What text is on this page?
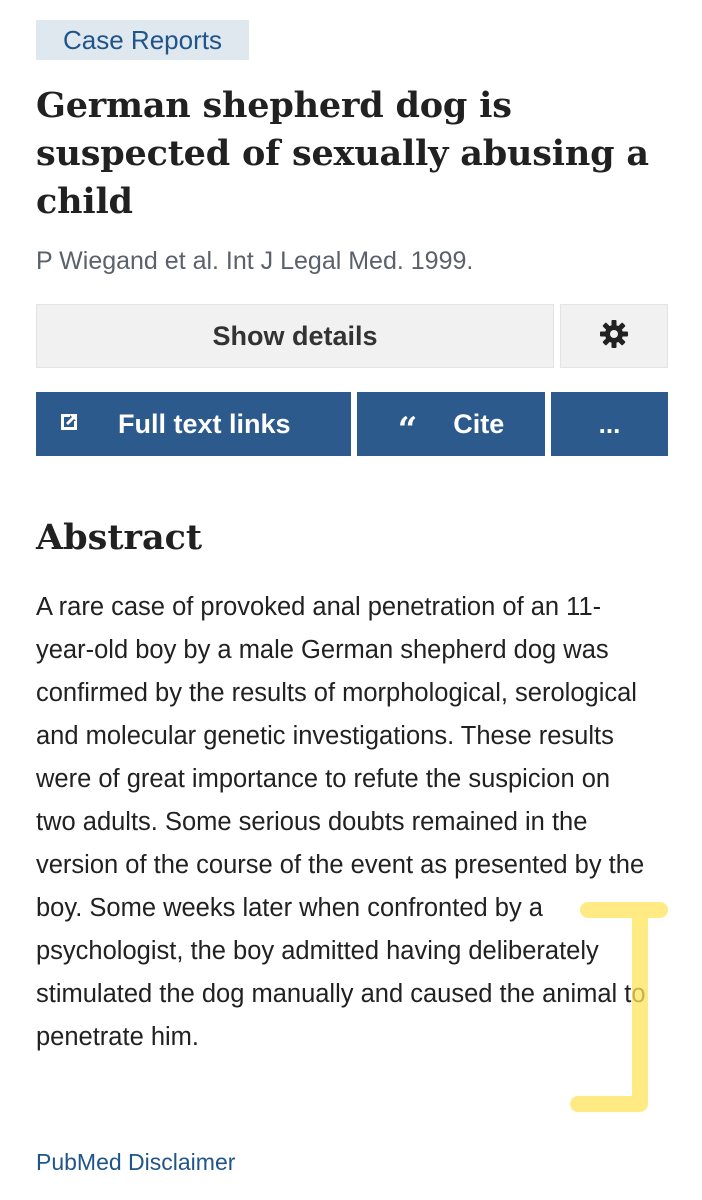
Case Reports
German shepherd dog is suspected of sexually abusing a child
P Wiegand et al. Int J Legal Med. 1999.
Show details
Full text links	“ Cite	...
Abstract

A rare case of provoked anal penetration of an 11-year-old boy by a male German shepherd dog was confirmed by the results of morphological, serological and molecular genetic investigations. These results were of great importance to refute the suspicion on two adults. Some serious doubts remained in the version of the course of the event as presented by the boy. Some weeks later when confronted by a psychologist, the boy admitted having deliberately stimulated the dog manually and caused the animal to penetrate him.

PubMed Disclaimer
